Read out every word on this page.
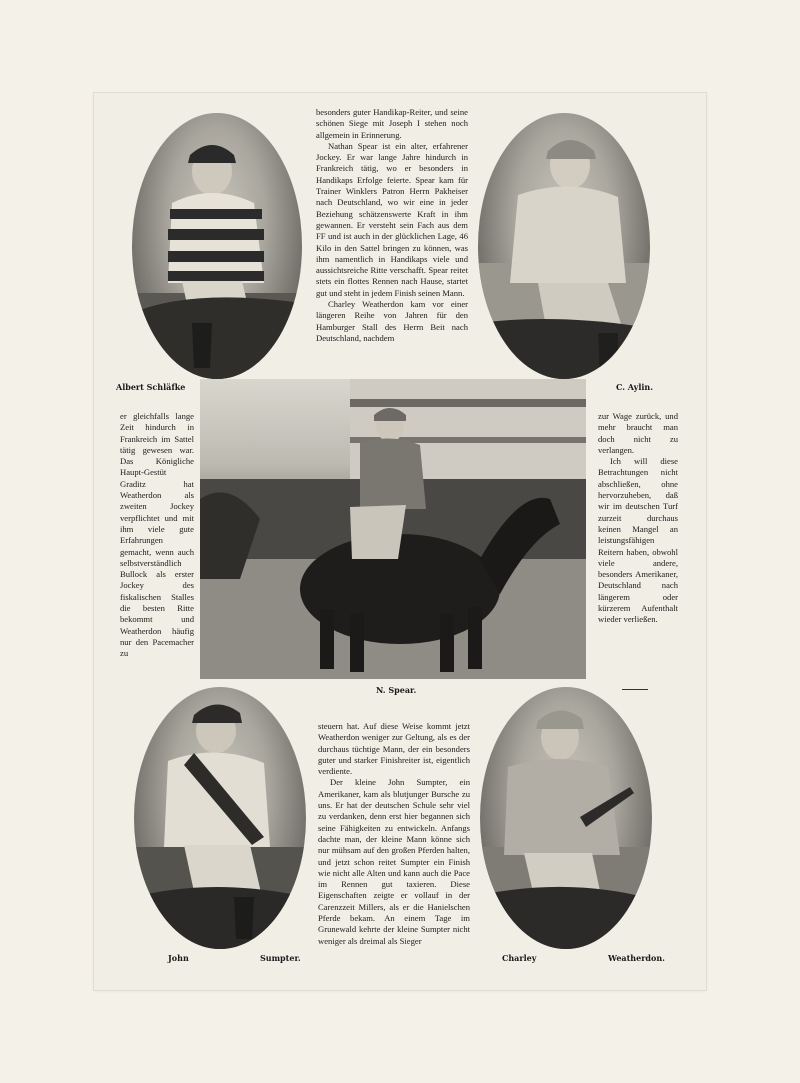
Albert Schläfke	C. Aylin.

besonders guter Handikap-Reiter, und seine schönen Siege mit Joseph I stehen noch allgemein in Erinnerung.

Nathan Spear ist ein alter, erfahrener Jockey. Er war lange Jahre hindurch in Frankreich tätig, wo er besonders in Handikaps Erfolge feierte. Spear kam für Trainer Winklers Patron Herrn Pakheiser nach Deutschland, wo wir eine in jeder Beziehung schätzenswerte Kraft in ihm gewannen. Er versteht sein Fach aus dem FF und ist auch in der glücklichen Lage, 46 Kilo in den Sattel bringen zu können, was ihm namentlich in Handikaps viele und aussichtsreiche Ritte verschafft. Spear reitet stets ein flottes Rennen nach Hause, startet gut und steht in jedem Finish seinen Mann.

Charley Weatherdon kam vor einer längeren Reihe von Jahren für den Hamburger Stall des Herrn Beit nach Deutschland, nachdem

N. Spear.

er gleichfalls lange Zeit hindurch in Frankreich im Sattel tätig gewesen war. Das Königliche Haupt-Gestüt Graditz hat Weatherdon als zweiten Jockey verpflichtet und mit ihm viele gute Erfahrungen gemacht, wenn auch selbstverständlich Bullock als erster Jockey des fiskalischen Stalles die besten Ritte bekommt und Weatherdon häufig nur den Pacemacher zu

zur Wage zurück, und mehr braucht man doch nicht zu verlangen.

Ich will diese Betrachtungen nicht abschließen, ohne hervorzuheben, daß wir im deutschen Turf zurzeit durchaus keinen Mangel an leistungsfähigen Reitern haben, obwohl viele andere, besonders Amerikaner, Deutschland nach längerem oder kürzerem Aufenthalt wieder verließen.

John	Sumpter.

steuern hat. Auf diese Weise kommt jetzt Weatherdon weniger zur Geltung, als es der durchaus tüchtige Mann, der ein besonders guter und starker Finishreiter ist, eigentlich verdiente.

Der kleine John Sumpter, ein Amerikaner, kam als blutjunger Bursche zu uns. Er hat der deutschen Schule sehr viel zu verdanken, denn erst hier begannen sich seine Fähigkeiten zu entwickeln. Anfangs dachte man, der kleine Mann könne sich nur mühsam auf den großen Pferden halten, und jetzt schon reitet Sumpter ein Finish wie nicht alle Alten und kann auch die Pace im Rennen gut taxieren. Diese Eigenschaften zeigte er vollauf in der Carenzzeit Millers, als er die Hanielschen Pferde bekam. An einem Tage im Grunewald kehrte der kleine Sumpter nicht weniger als dreimal als Sieger

Charley	Weatherdon.
